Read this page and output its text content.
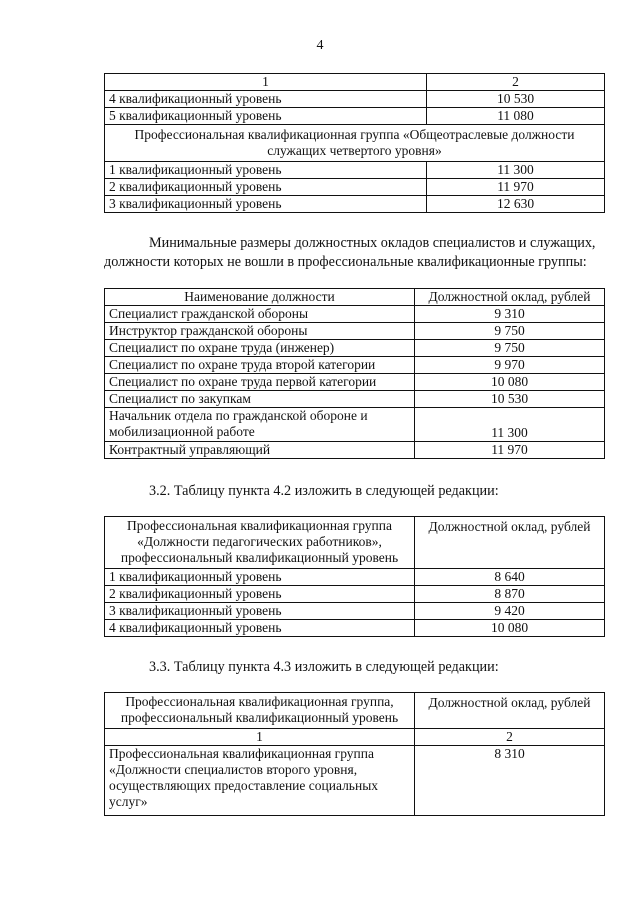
4
1	2
4 квалификационный уровень	10 530
5 квалификационный уровень	11 080
Профессиональная квалификационная группа «Общеотраслевые должности служащих четвертого уровня»	
1 квалификационный уровень	11 300
2 квалификационный уровень	11 970
3 квалификационный уровень	12 630
Минимальные размеры должностных окладов специалистов и служащих,
должности которых не вошли в профессиональные квалификационные группы:
Наименование должности	Должностной оклад, рублей
Специалист гражданской обороны	9 310
Инструктор гражданской обороны	9 750
Специалист по охране труда (инженер)	9 750
Специалист по охране труда второй категории	9 970
Специалист по охране труда первой категории	10 080
Специалист по закупкам	10 530
Начальник отдела по гражданской обороне и мобилизационной работе	11 300
Контрактный управляющий	11 970
3.2. Таблицу пункта 4.2 изложить в следующей редакции:
Профессиональная квалификационная группа «Должности педагогических работников», профессиональный квалификационный уровень	Должностной оклад, рублей
1 квалификационный уровень	8 640
2 квалификационный уровень	8 870
3 квалификационный уровень	9 420
4 квалификационный уровень	10 080
3.3. Таблицу пункта 4.3 изложить в следующей редакции:
Профессиональная квалификационная группа, профессиональный квалификационный уровень	Должностной оклад, рублей
1	2
Профессиональная квалификационная группа «Должности специалистов второго уровня, осуществляющих предоставление социальных услуг»	8 310
